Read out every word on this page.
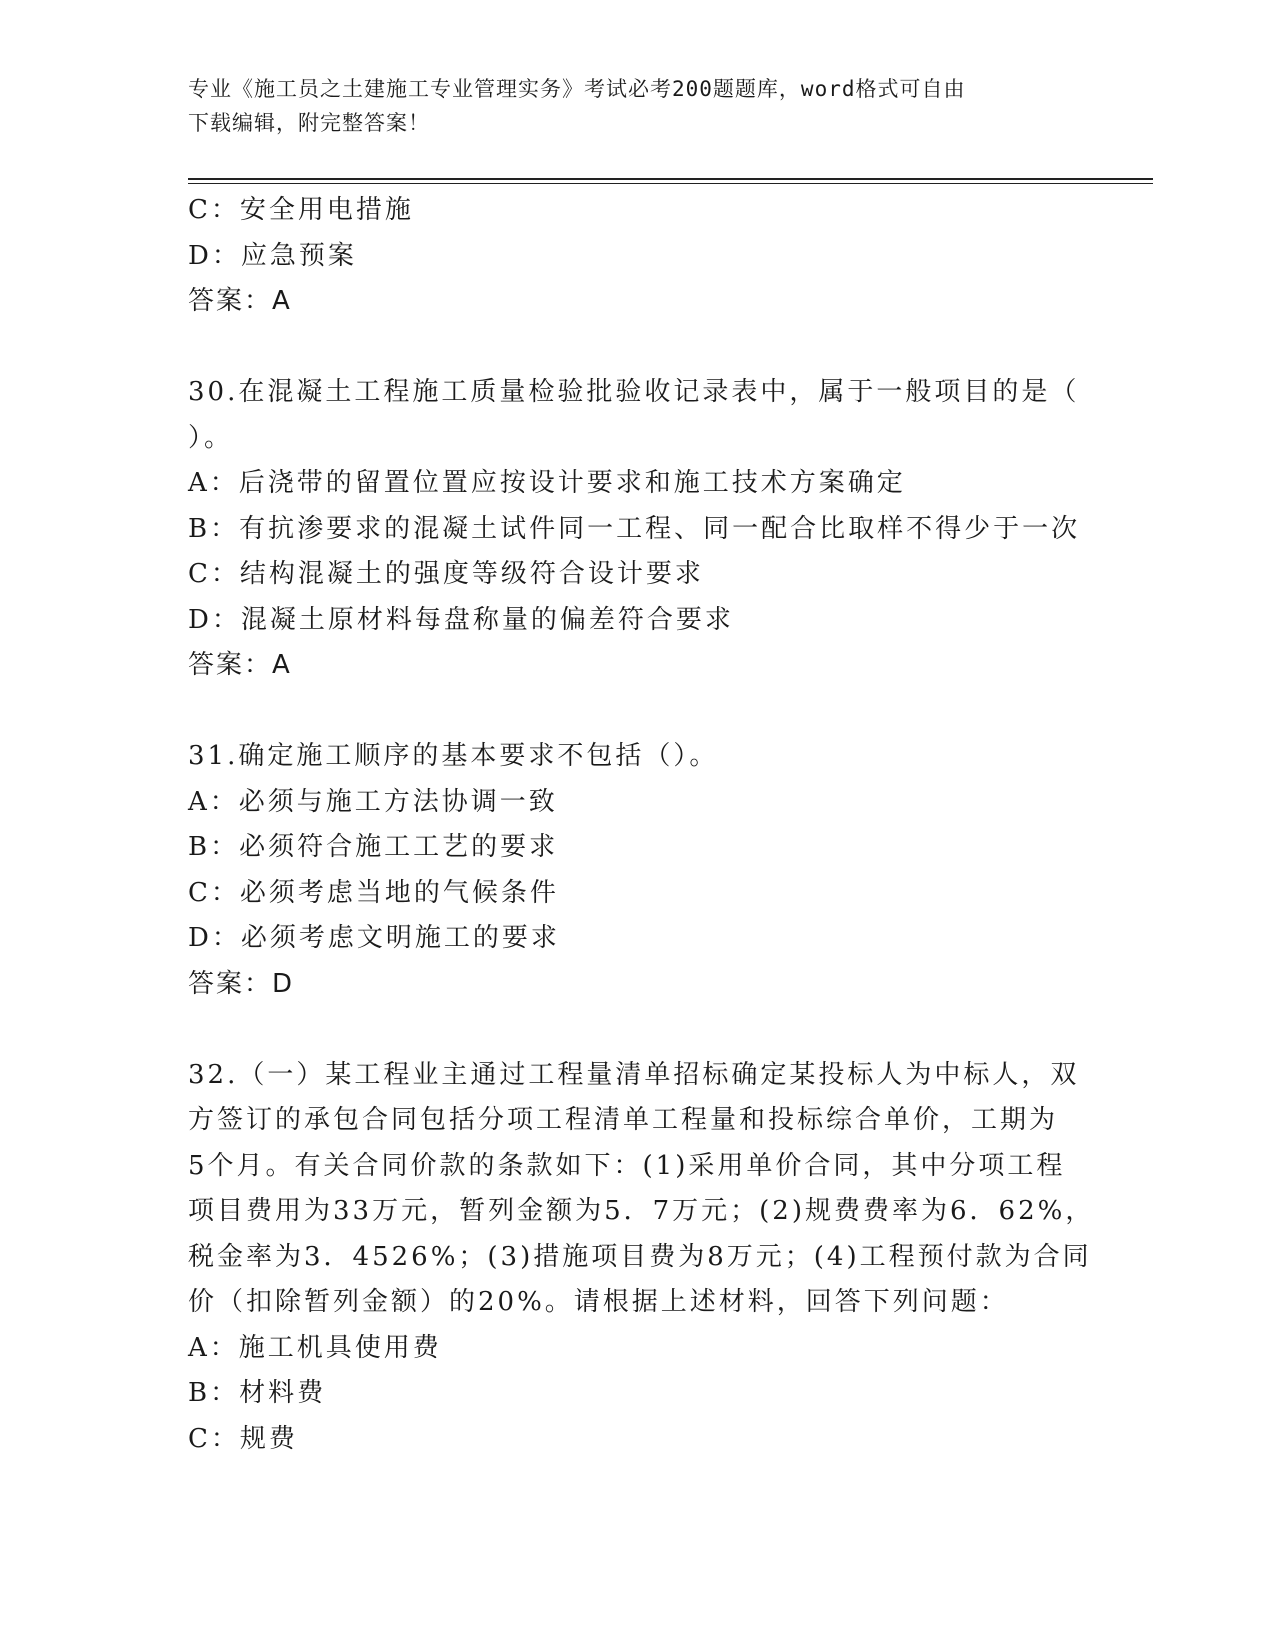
专业《施工员之土建施工专业管理实务》考试必考200题题库，word格式可自由
下载编辑，附完整答案！
C：安全用电措施
D：应急预案
答案：A
30.在混凝土工程施工质量检验批验收记录表中，属于一般项目的是（
）。
A：后浇带的留置位置应按设计要求和施工技术方案确定
B：有抗渗要求的混凝土试件同一工程、同一配合比取样不得少于一次
C：结构混凝土的强度等级符合设计要求
D：混凝土原材料每盘称量的偏差符合要求
答案：A
31.确定施工顺序的基本要求不包括（）。
A：必须与施工方法协调一致
B：必须符合施工工艺的要求
C：必须考虑当地的气候条件
D：必须考虑文明施工的要求
答案：D
32.（一）某工程业主通过工程量清单招标确定某投标人为中标人，双
方签订的承包合同包括分项工程清单工程量和投标综合单价，工期为
5个月。有关合同价款的条款如下：(1)采用单价合同，其中分项工程
项目费用为33万元，暂列金额为5．7万元；(2)规费费率为6．62%，
税金率为3．4526%；(3)措施项目费为8万元；(4)工程预付款为合同
价（扣除暂列金额）的20%。请根据上述材料，回答下列问题：
A：施工机具使用费
B：材料费
C：规费
